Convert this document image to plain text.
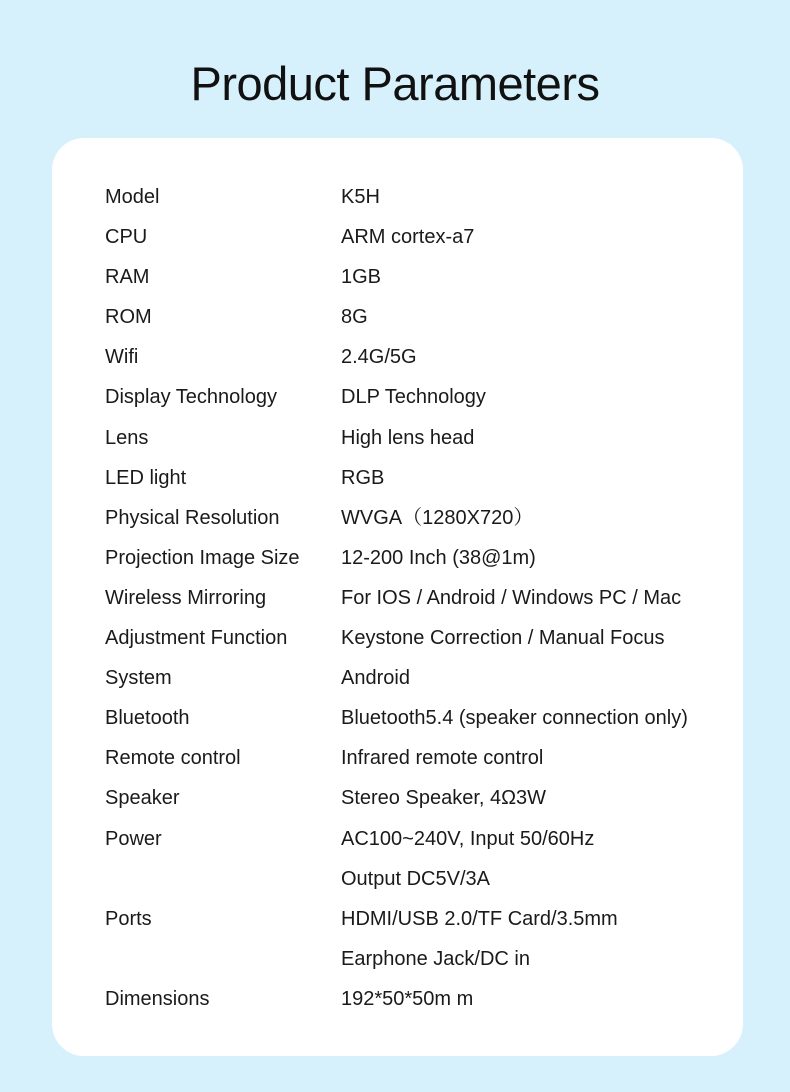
Product Parameters
Model	K5H
CPU	ARM cortex-a7
RAM	1GB
ROM	8G
Wifi	2.4G/5G
Display Technology	DLP Technology
Lens	High lens head
LED light	RGB
Physical Resolution	WVGA（1280X720）
Projection Image Size 12-200 Inch (38@1m)
Wireless Mirroring	For IOS / Android / Windows PC / Mac
Adjustment Function	Keystone Correction / Manual Focus
System	Android
Bluetooth	Bluetooth5.4 (speaker connection only)
Remote control	Infrared remote control
Speaker	Stereo Speaker, 4Ω3W
Power	AC100~240V, Input 50/60Hz
Output DC5V/3A
Ports	HDMI/USB 2.0/TF Card/3.5mm
Earphone Jack/DC in
Dimensions	192*50*50m m
